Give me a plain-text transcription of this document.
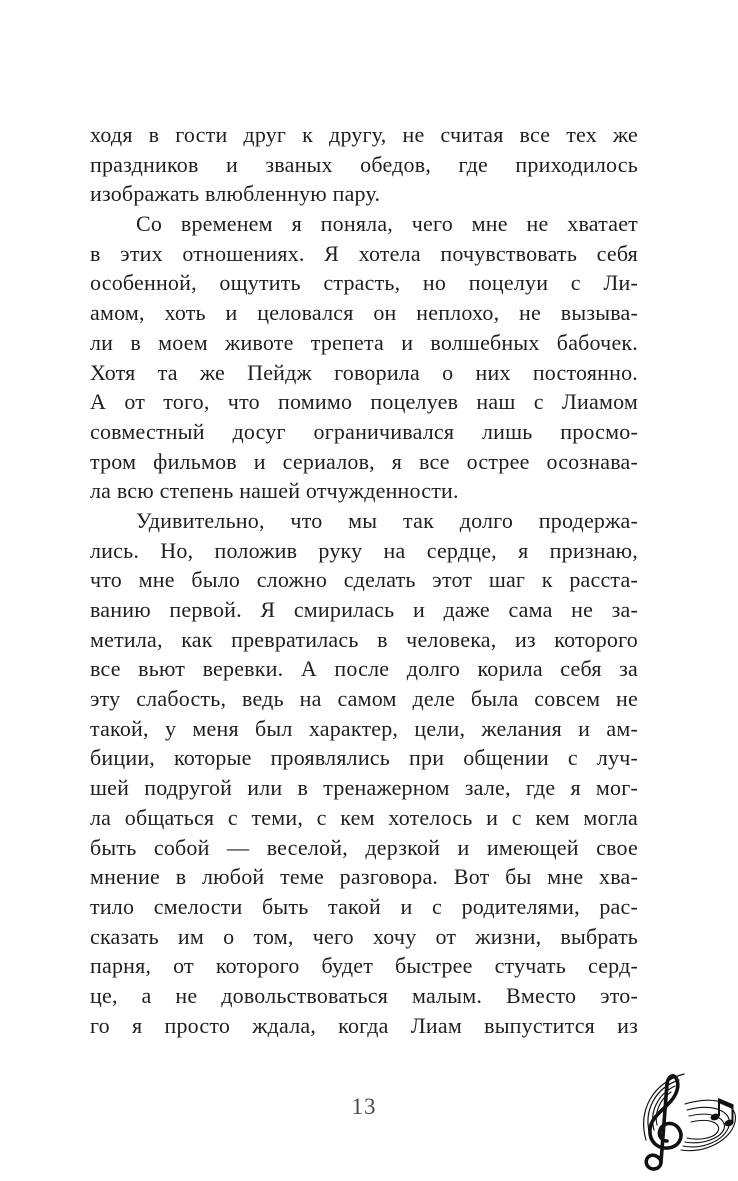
ходя в гости друг к другу, не считая все тех же
праздников и званых обедов, где приходилось
изображать влюбленную пару.
Со временем я поняла, чего мне не хватает
в этих отношениях. Я хотела почувствовать себя
особенной, ощутить страсть, но поцелуи с Ли-
амом, хоть и целовался он неплохо, не вызыва-
ли в моем животе трепета и волшебных бабочек.
Хотя та же Пейдж говорила о них постоянно.
А от того, что помимо поцелуев наш с Лиамом
совместный досуг ограничивался лишь просмо-
тром фильмов и сериалов, я все острее осознава-
ла всю степень нашей отчужденности.
Удивительно, что мы так долго продержа-
лись. Но, положив руку на сердце, я признаю,
что мне было сложно сделать этот шаг к расста-
ванию первой. Я смирилась и даже сама не за-
метила, как превратилась в человека, из которого
все вьют веревки. А после долго корила себя за
эту слабость, ведь на самом деле была совсем не
такой, у меня был характер, цели, желания и ам-
биции, которые проявлялись при общении с луч-
шей подругой или в тренажерном зале, где я мог-
ла общаться с теми, с кем хотелось и с кем могла
быть собой — веселой, дерзкой и имеющей свое
мнение в любой теме разговора. Вот бы мне хва-
тило смелости быть такой и с родителями, рас-
сказать им о том, чего хочу от жизни, выбрать
парня, от которого будет быстрее стучать серд-
це, а не довольствоваться малым. Вместо это-
го я просто ждала, когда Лиам выпустится из
13
